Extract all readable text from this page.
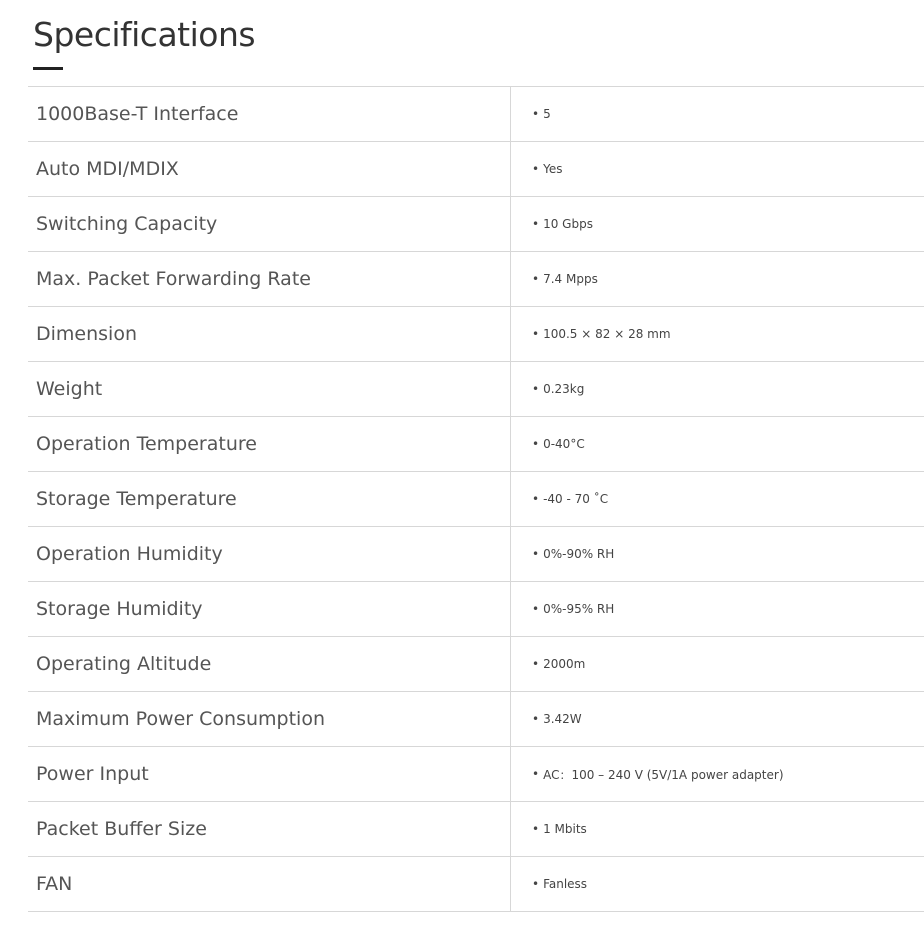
Specifications
1000Base-T Interface	• 5
Auto MDI/MDIX	• Yes
Switching Capacity	• 10 Gbps
Max. Packet Forwarding Rate	• 7.4 Mpps
Dimension	• 100.5 × 82 × 28 mm
Weight	• 0.23kg
Operation Temperature	• 0-40°C
Storage Temperature	• -40 - 70 ˚C
Operation Humidity	• 0%-90% RH
Storage Humidity	• 0%-95% RH
Operating Altitude	• 2000m
Maximum Power Consumption	• 3.42W
Power Input	• AC：100 – 240 V (5V/1A power adapter)
Packet Buffer Size	• 1 Mbits
FAN	• Fanless
